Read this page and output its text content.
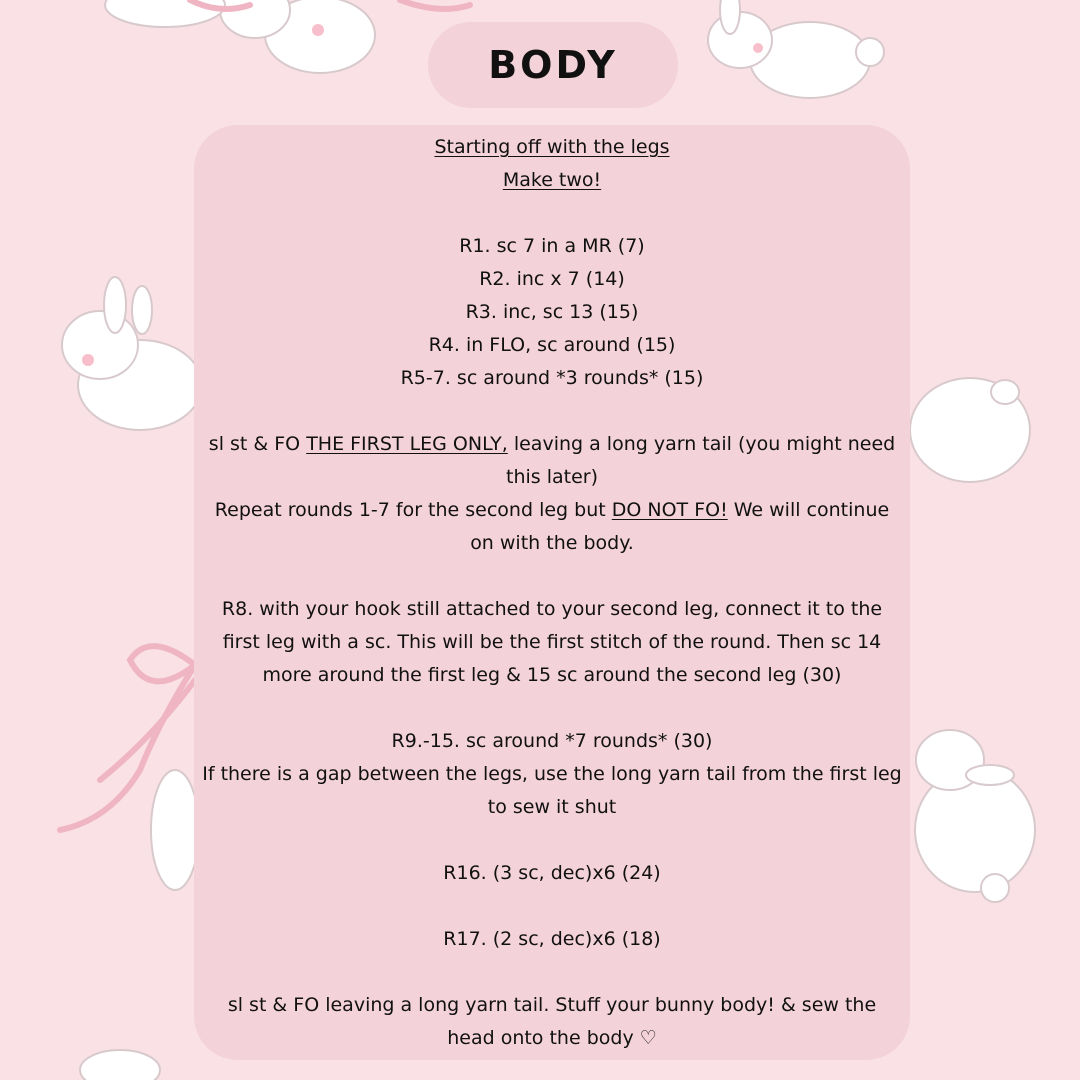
BODY

Starting off with the legs

Make two!

R1. sc 7 in a MR (7)

R2. inc x 7 (14)

R3. inc, sc 13 (15)

R4. in FLO, sc around (15)

R5-7. sc around *3 rounds* (15)

sl st & FO THE FIRST LEG ONLY, leaving a long yarn tail (you might need this later)

Repeat rounds 1-7 for the second leg but DO NOT FO! We will continue on with the body.

R8. with your hook still attached to your second leg, connect it to the first leg with a sc. This will be the first stitch of the round. Then sc 14 more around the first leg & 15 sc around the second leg (30)

R9.-15. sc around *7 rounds* (30)

If there is a gap between the legs, use the long yarn tail from the first leg to sew it shut

R16. (3 sc, dec)x6 (24)

R17. (2 sc, dec)x6 (18)

sl st & FO leaving a long yarn tail. Stuff your bunny body! & sew the head onto the body ♡
